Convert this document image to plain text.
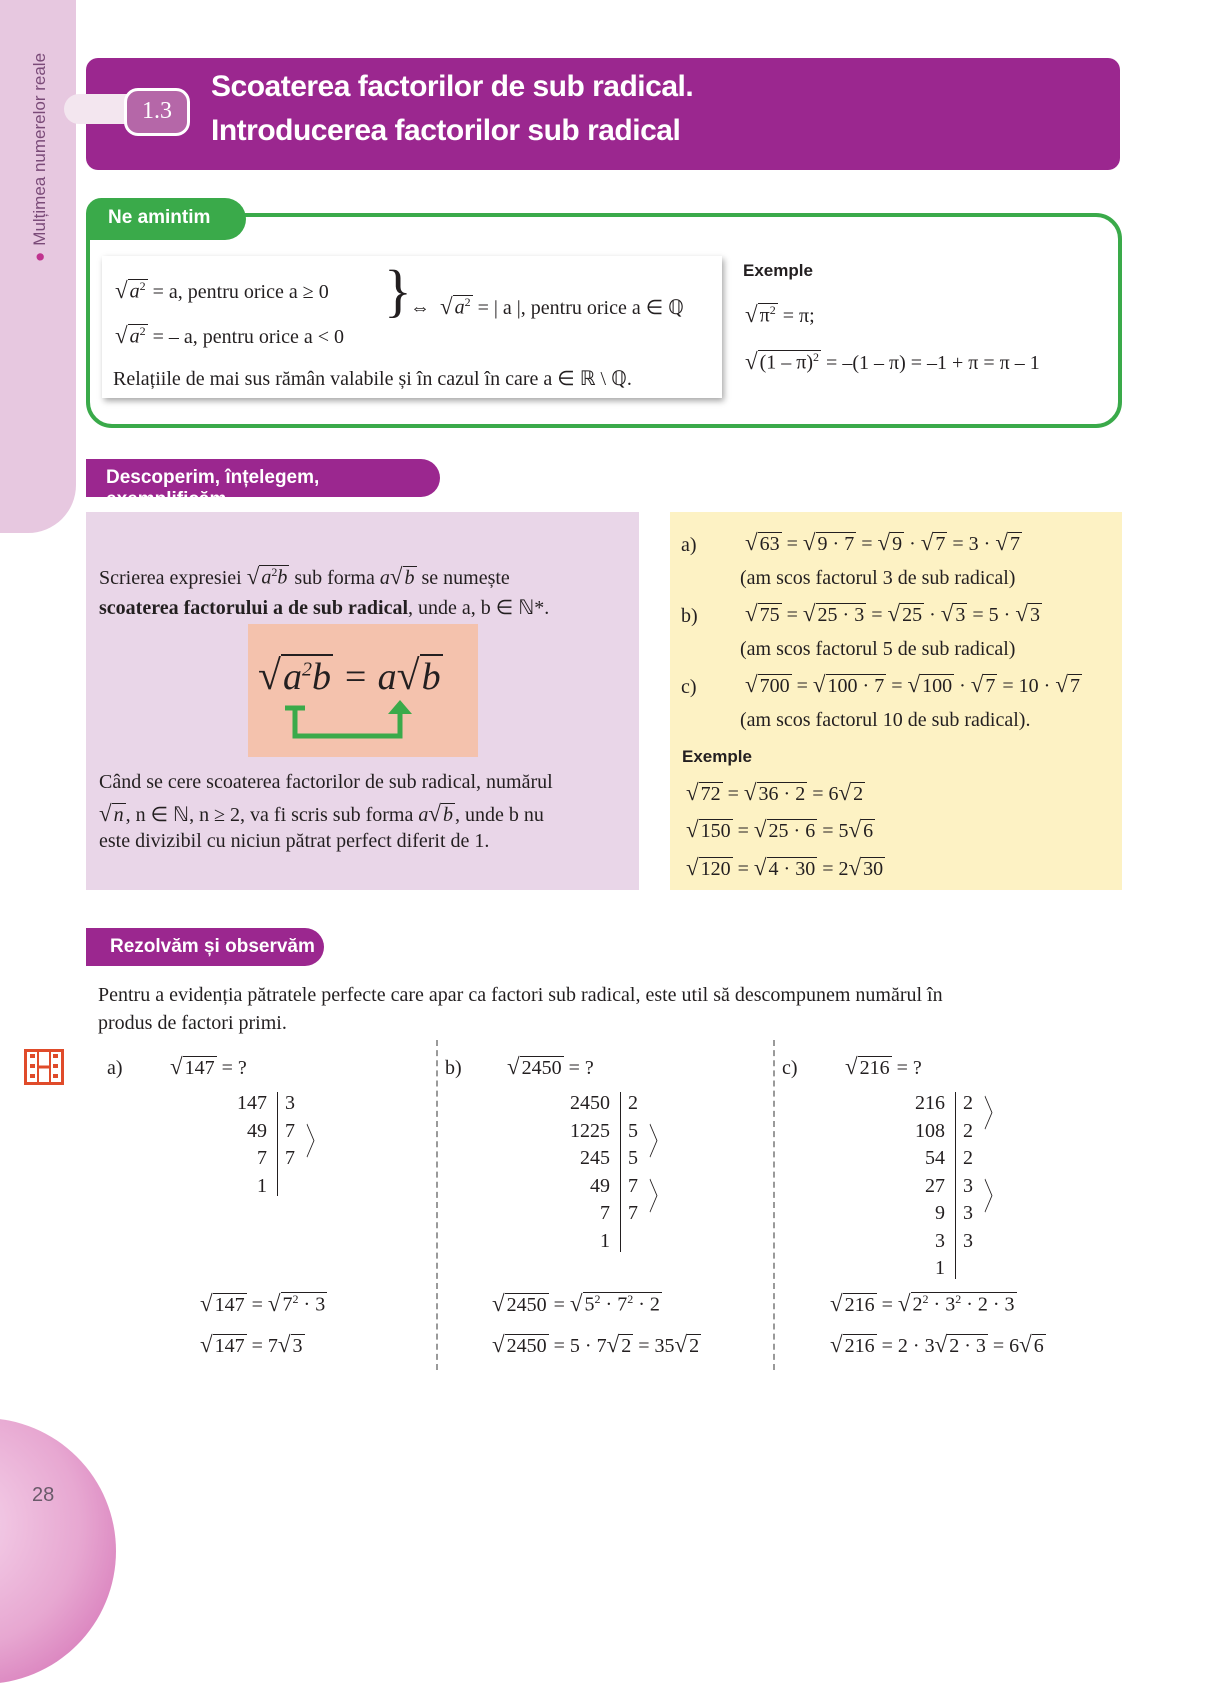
●Mulțimea numerelor reale	1.3
Scoaterea factorilor de sub radical.
Introducerea factorilor sub radical
Ne amintim
√ $a^2 = a$, pentru orice a ≥ 0
√ $a^2$ = – a, pentru orice a < 0
}
⇔  √ $a^2$ = | a |, pentru orice a ∈ ℚ
Relațiile de mai sus rămân valabile și în cazul în care a ∈ ℝ \ ℚ.
Exemple
√ $\pi^2 = \pi$;
√ (1 – π)$^2$ = –(1 – π) = –1 + π = π – 1
Descoperim, înțelegem, exemplificăm
Scrierea expresiei √ $a^2b$ sub forma a√ b se numește
scoaterea factorului a de sub radical, unde a, b ∈ ℕ*.
$√a^2b = a√b$
Când se cere scoaterea factorilor de sub radical, numărul
√ n , n ∈ ℕ, n ≥ 2, va fi scris sub forma a√ b , unde b nu
este divizibil cu niciun pătrat perfect diferit de 1.
a) √ 63 = √ 9 · 7 = √ 9 · √ 7 = 3 · √ 7
(am scos factorul 3 de sub radical)
b) √ 75 = √ 25 · 3 = √ 25 · √ 3 = 5 · √ 3
(am scos factorul 5 de sub radical)
c) √ 700 = √ 100 · 7 = √ 100 · √ 7 = 10 · √ 7
(am scos factorul 10 de sub radical).
Exemple
√ 72 = √ 36 · 2 = 6√ 2
√ 150 = √ 25 · 6 = 5√ 6
√ 120 = √ 4 · 30 = 2√ 30
Rezolvăm și observăm
Pentru a evidenția pătratele perfecte care apar ca factori sub radical, este util să descompunem numărul în
produs de factori primi.
a) √ 147 = ?
147
49
7
1
3
7
7 〉
√ 147 = √ $7^2 \cdot 3$
√ 147 = 7√ 3
b) √ 2450 = ?
2450
1225
245
49
7
1
2
5
5
7
7
〉
〉
√ 2450 = √ $5^2 \cdot 7^2 \cdot 2$
√ 2450 = 5 · 7√ 2 = 35√ 2
c) √ 216 = ?
216
108
54
27
9
3
1
2
2
2
3
3
3
〉
〉
√ 216 = √ $2^2 \cdot 3^2 \cdot 2 \cdot 3$
√ 216 = 2 · 3√ 2 · 3 = 6√ 6
28
